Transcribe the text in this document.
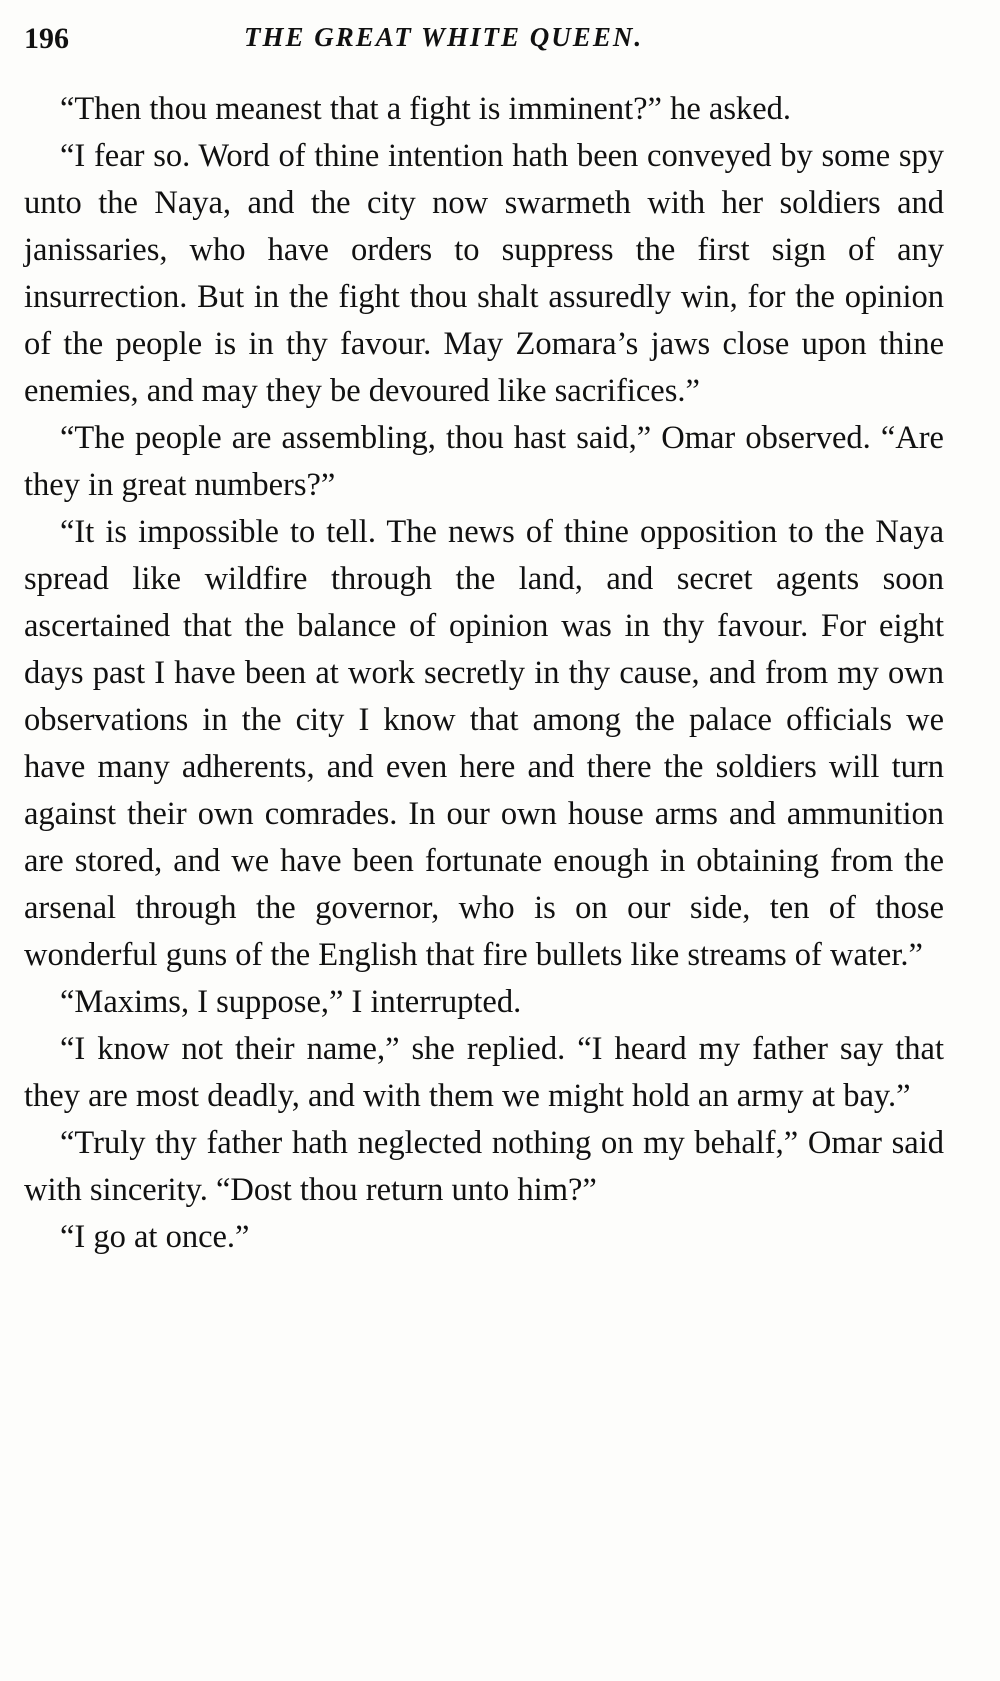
196	THE GREAT WHITE QUEEN.

“Then thou meanest that a fight is imminent?” he asked.

“I fear so. Word of thine intention hath been conveyed by some spy unto the Naya, and the city now swarmeth with her soldiers and janissaries, who have orders to suppress the first sign of any insurrection. But in the fight thou shalt assuredly win, for the opinion of the people is in thy favour. May Zomara’s jaws close upon thine enemies, and may they be devoured like sacrifices.”

“The people are assembling, thou hast said,” Omar observed. “Are they in great numbers?”

“It is impossible to tell. The news of thine opposition to the Naya spread like wildfire through the land, and secret agents soon ascertained that the balance of opinion was in thy favour. For eight days past I have been at work secretly in thy cause, and from my own observations in the city I know that among the palace officials we have many adherents, and even here and there the soldiers will turn against their own comrades. In our own house arms and ammunition are stored, and we have been fortunate enough in obtaining from the arsenal through the governor, who is on our side, ten of those wonderful guns of the English that fire bullets like streams of water.”

“Maxims, I suppose,” I interrupted.

“I know not their name,” she replied. “I heard my father say that they are most deadly, and with them we might hold an army at bay.”

“Truly thy father hath neglected nothing on my behalf,” Omar said with sincerity. “Dost thou return unto him?”

“I go at once.”
